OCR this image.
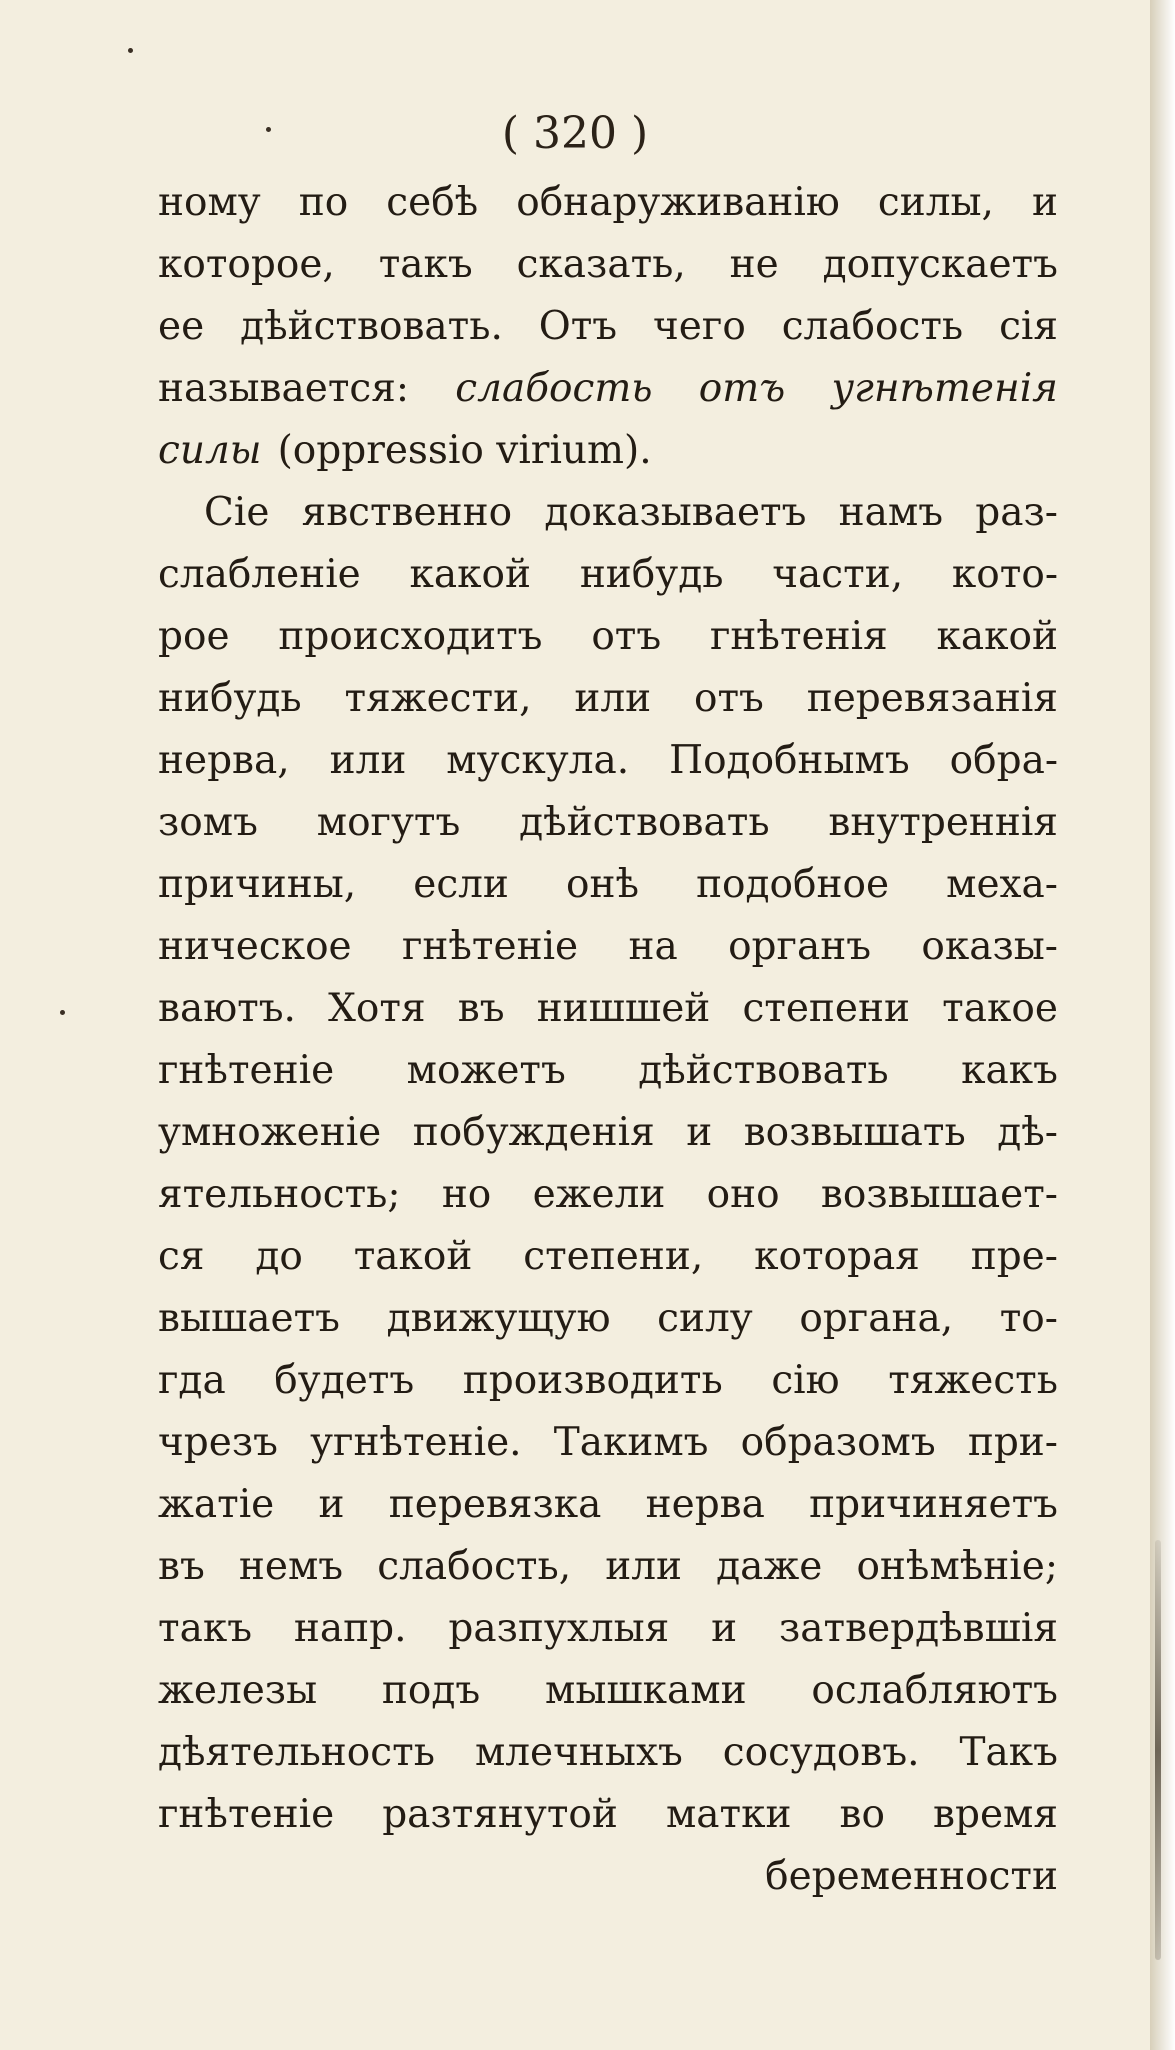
( 320 )
ному по себѣ обнаруживанію силы, и
которое, такъ сказать, не допускаетъ
ее дѣйствовать. Отъ чего слабость сія
называется: слабость отъ угнѣтенія
силы (oppressio virium).
Сіе явственно доказываетъ намъ раз-
слабленіе какой нибудь части, кото-
рое происходитъ отъ гнѣтенія какой
нибудь тяжести, или отъ перевязанія
нерва, или мускула. Подобнымъ обра-
зомъ могутъ дѣйствовать внутреннія
причины, если онѣ подобное меха-
ническое гнѣтеніе на органъ оказы-
ваютъ. Хотя въ нишшей степени такое
гнѣтеніе можетъ дѣйствовать какъ
умноженіе побужденія и возвышать дѣ-
ятельность; но ежели оно возвышает-
ся до такой степени, которая пре-
вышаетъ движущую силу органа, то-
гда будетъ производить сію тяжесть
чрезъ угнѣтеніе. Такимъ образомъ при-
жатіе и перевязка нерва причиняетъ
въ немъ слабость, или даже онѣмѣніе;
такъ напр. разпухлыя и затвердѣвшія
железы подъ мышками ослабляютъ
дѣятельность млечныхъ сосудовъ. Такъ
гнѣтеніе разтянутой матки во время
беременности
